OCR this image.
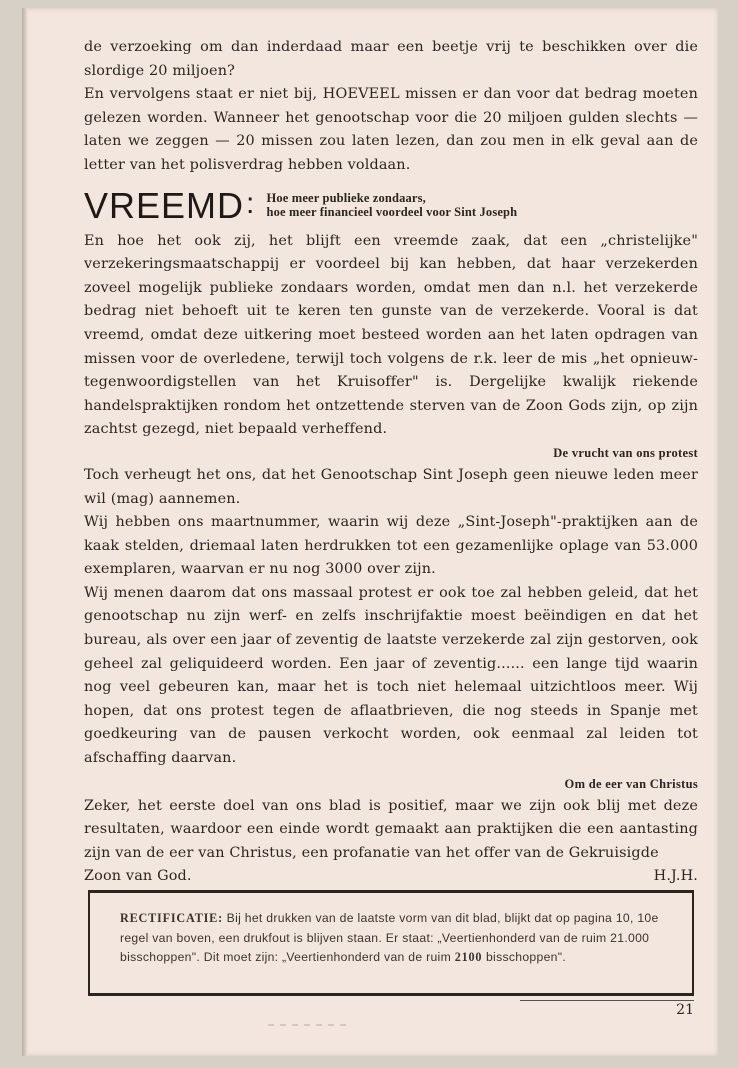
de verzoeking om dan inderdaad maar een beetje vrij te beschikken over die slordige 20 miljoen?

En vervolgens staat er niet bij, HOEVEEL missen er dan voor dat bedrag moeten gelezen worden. Wanneer het genootschap voor die 20 miljoen gulden slechts — laten we zeggen — 20 missen zou laten lezen, dan zou men in elk geval aan de letter van het polisverdrag hebben voldaan.

VREEMD : Hoe meer publieke zondaars,
hoe meer financieel voordeel voor Sint Joseph

En hoe het ook zij, het blijft een vreemde zaak, dat een „christelijke" verzekeringsmaatschappij er voordeel bij kan hebben, dat haar verzekerden zoveel mogelijk publieke zondaars worden, omdat men dan n.l. het verzekerde bedrag niet behoeft uit te keren ten gunste van de verzekerde. Vooral is dat vreemd, omdat deze uitkering moet besteed worden aan het laten opdragen van missen voor de overledene, terwijl toch volgens de r.k. leer de mis „het opnieuw-tegenwoordigstellen van het Kruisoffer" is. Dergelijke kwalijk riekende handelspraktijken rondom het ontzettende sterven van de Zoon Gods zijn, op zijn zachtst gezegd, niet bepaald verheffend.

De vrucht van ons protest

Toch verheugt het ons, dat het Genootschap Sint Joseph geen nieuwe leden meer wil (mag) aannemen.

Wij hebben ons maartnummer, waarin wij deze „Sint-Joseph"-praktijken aan de kaak stelden, driemaal laten herdrukken tot een gezamenlijke oplage van 53.000 exemplaren, waarvan er nu nog 3000 over zijn.

Wij menen daarom dat ons massaal protest er ook toe zal hebben geleid, dat het genootschap nu zijn werf- en zelfs inschrijfaktie moest beëindigen en dat het bureau, als over een jaar of zeventig de laatste verzekerde zal zijn gestorven, ook geheel zal geliquideerd worden. Een jaar of zeventig...... een lange tijd waarin nog veel gebeuren kan, maar het is toch niet helemaal uitzichtloos meer. Wij hopen, dat ons protest tegen de aflaatbrieven, die nog steeds in Spanje met goedkeuring van de pausen verkocht worden, ook eenmaal zal leiden tot afschaffing daarvan.

Om de eer van Christus

Zeker, het eerste doel van ons blad is positief, maar we zijn ook blij met deze resultaten, waardoor een einde wordt gemaakt aan praktijken die een aantasting zijn van de eer van Christus, een profanatie van het offer van de Gekruisigde

Zoon van God.	H.J.H.
RECTIFICATIE: Bij het drukken van de laatste vorm van dit blad, blijkt dat op pagina 10, 10e regel van boven, een drukfout is blijven staan. Er staat: „Veertienhonderd van de ruim 21.000 bisschoppen". Dit moet zijn: „Veertienhonderd van de ruim 2100 bisschoppen".
21
